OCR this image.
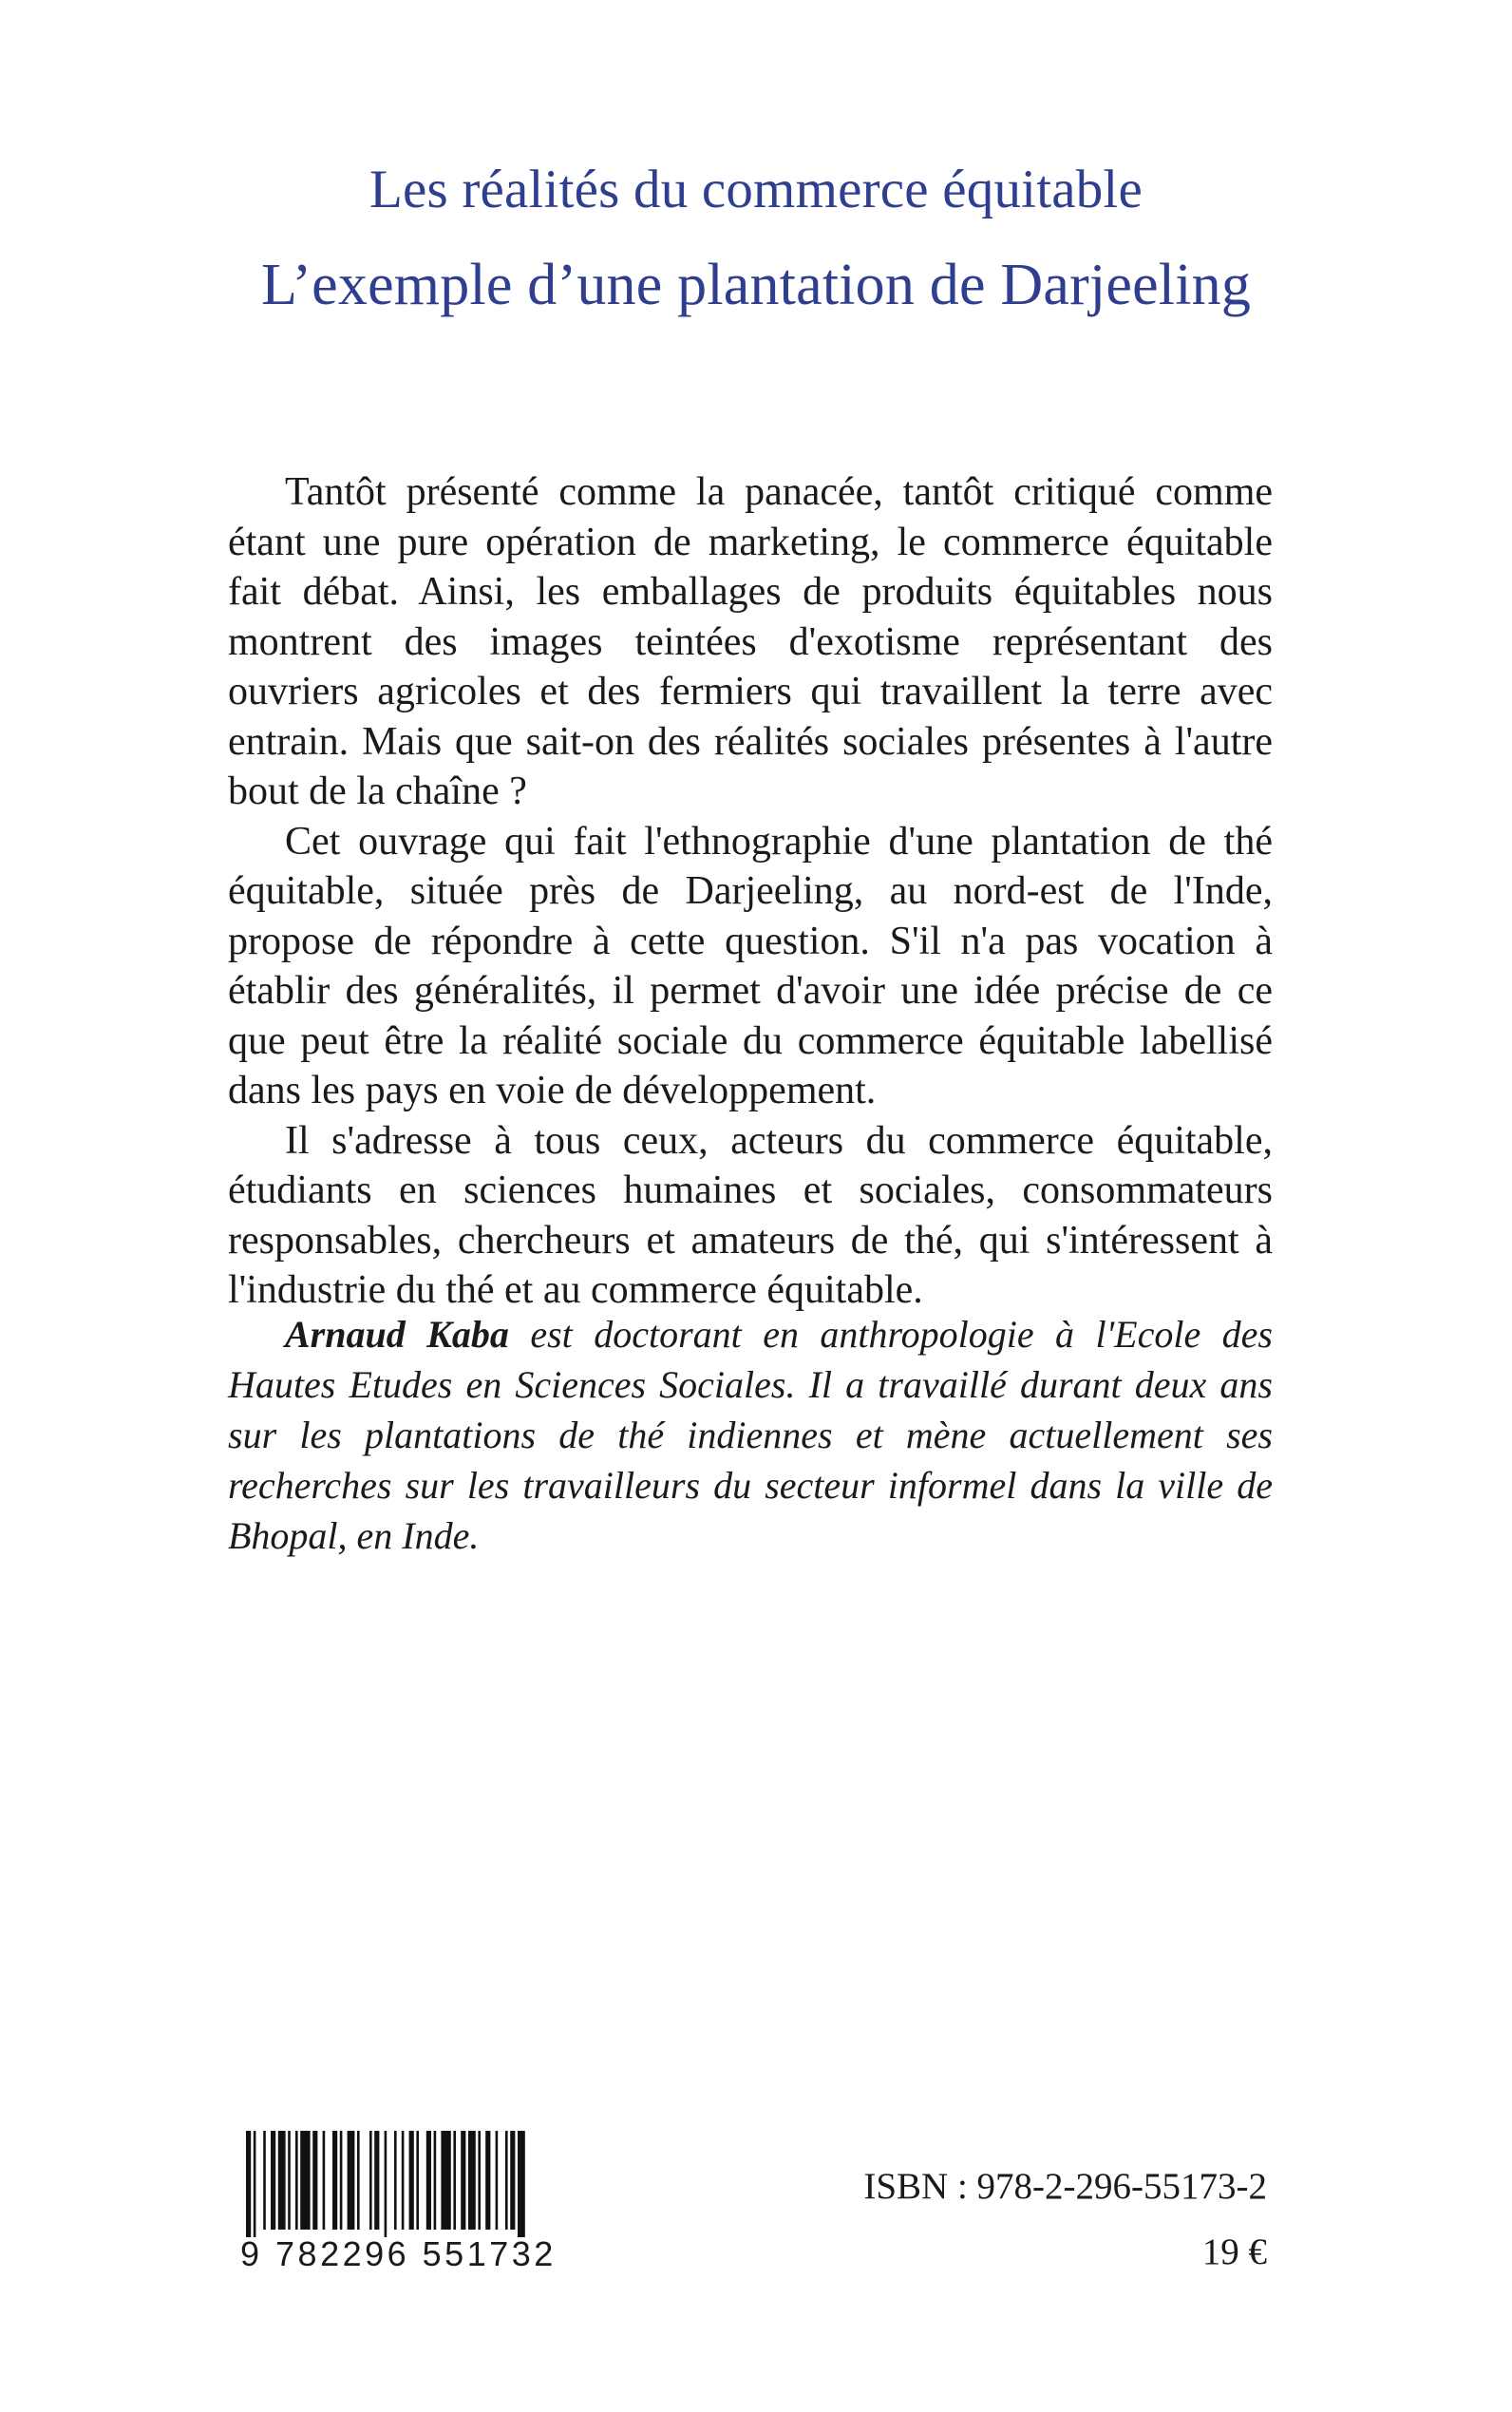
Les réalités du commerce équitable
L’exemple d’une plantation de Darjeeling

Tantôt présenté comme la panacée, tantôt critiqué comme étant une pure opération de marketing, le commerce équitable fait débat. Ainsi, les emballages de produits équitables nous montrent des images teintées d'exotisme représentant des ouvriers agricoles et des fermiers qui travaillent la terre avec entrain. Mais que sait-on des réalités sociales présentes à l'autre bout de la chaîne ?

Cet ouvrage qui fait l'ethnographie d'une plantation de thé équitable, située près de Darjeeling, au nord-est de l'Inde, propose de répondre à cette question. S'il n'a pas vocation à établir des généralités, il permet d'avoir une idée précise de ce que peut être la réalité sociale du commerce équitable labellisé dans les pays en voie de développement.

Il s'adresse à tous ceux, acteurs du commerce équitable, étudiants en sciences humaines et sociales, consommateurs responsables, chercheurs et amateurs de thé, qui s'intéressent à l'industrie du thé et au commerce équitable.

Arnaud Kaba est doctorant en anthropologie à l'Ecole des Hautes Etudes en Sciences Sociales. Il a travaillé durant deux ans sur les plantations de thé indiennes et mène actuellement ses recherches sur les travailleurs du secteur informel dans la ville de Bhopal, en Inde.

9 782296 551732
ISBN : 978-2-296-55173-2
19 €
